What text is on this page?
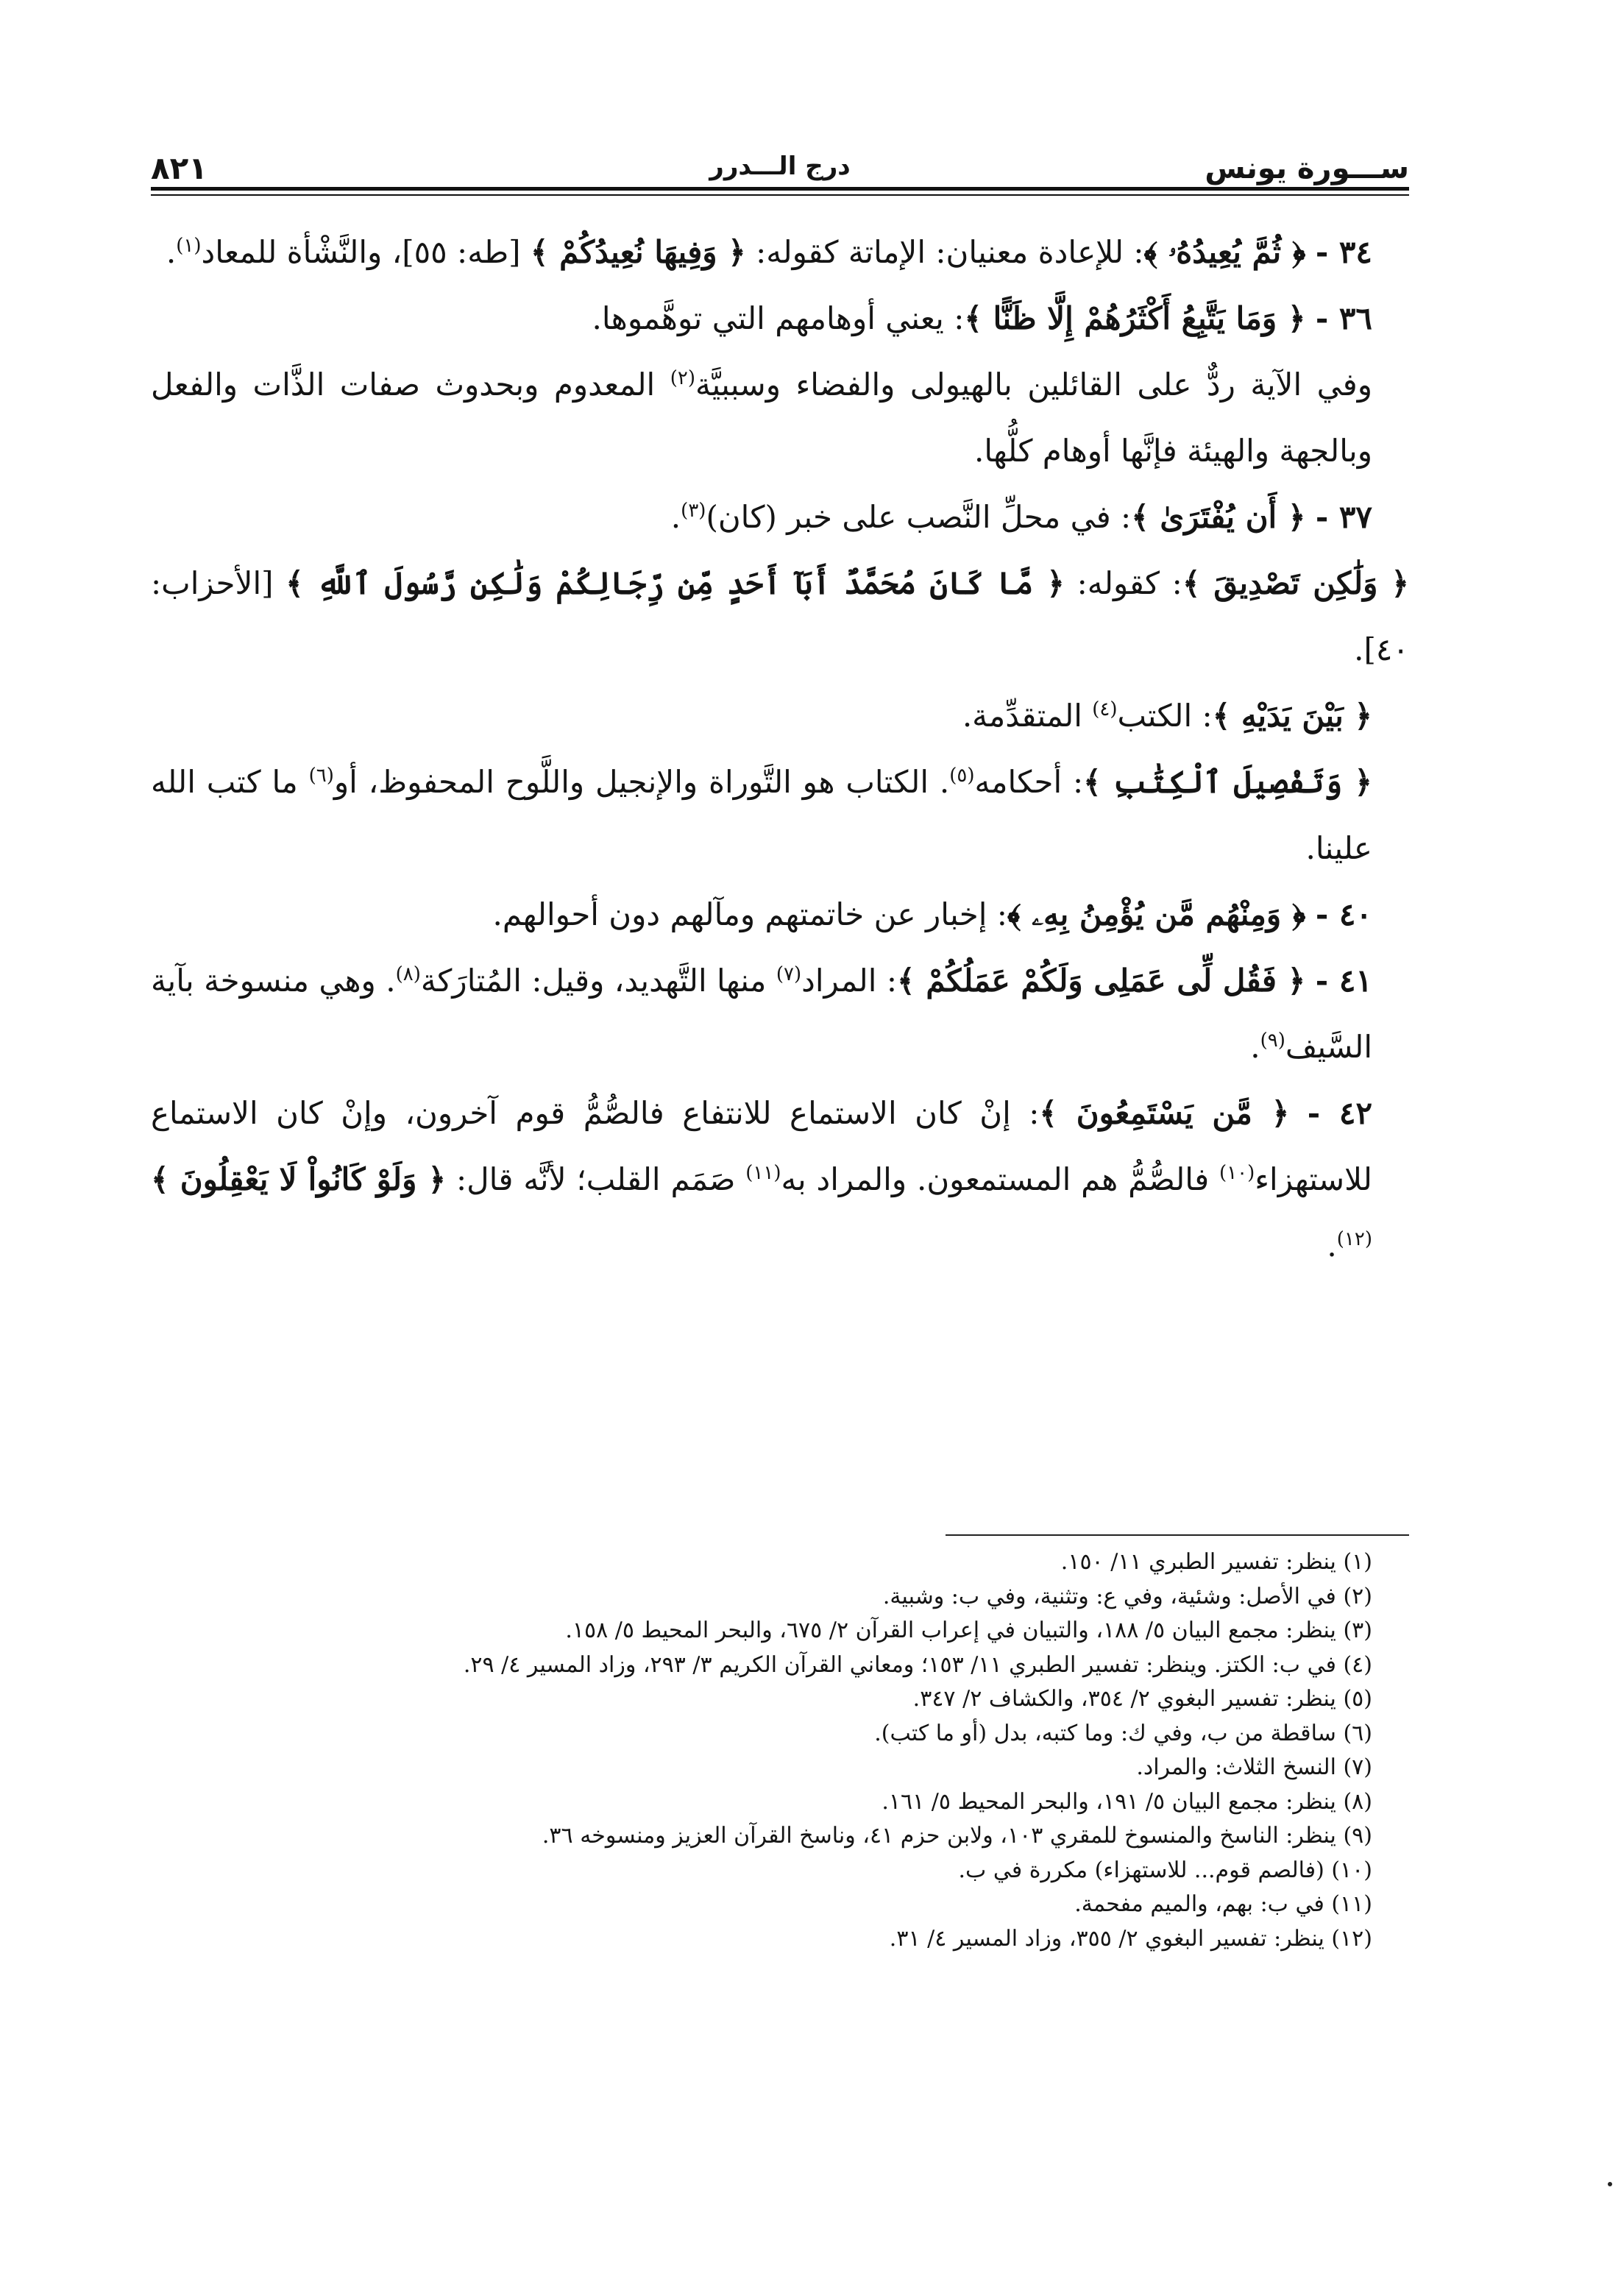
ســـورة يونس
درج الـــدرر
٨٢١

٣٤ - ﴿ ثُمَّ يُعِيدُهُۥ ﴾: للإعادة معنيان: الإماتة كقوله: ﴿ وَفِيهَا نُعِيدُكُمْ ﴾ [طه: ٥٥]، والنَّشْأة للمعاد$^{(١)}$.

٣٦ - ﴿ وَمَا يَتَّبِعُ أَكْثَرُهُمْ إِلَّا ظَنًّا ﴾: يعني أوهامهم التي توهَّموها.

وفي الآية ردٌّ على القائلين بالهيولى والفضاء وسببيَّة$^{(٢)}$ المعدوم وبحدوث صفات الذَّات والفعل وبالجهة والهيئة فإنَّها أوهام كلُّها.

٣٧ - ﴿ أَن يُفْتَرَىٰ ﴾: في محلِّ النَّصب على خبر (كان)$^{(٣)}$.

﴿ وَلَٰكِن تَصْدِيقَ ﴾: كقوله: ﴿ مَّا كَانَ مُحَمَّدٌ أَبَآ أَحَدٍ مِّن رِّجَالِكُمْ وَلَٰكِن رَّسُولَ ٱللَّهِ ﴾ [الأحزاب: ٤٠].

﴿ بَيْنَ يَدَيْهِ ﴾: الكتب$^{(٤)}$ المتقدِّمة.

﴿ وَتَفْصِيلَ ٱلْكِتَٰبِ ﴾: أحكامه$^{(٥)}$. الكتاب هو التَّوراة والإنجيل واللَّوح المحفوظ، أو$^{(٦)}$ ما كتب الله علينا.

٤٠ - ﴿ وَمِنْهُم مَّن يُؤْمِنُ بِهِۦ ﴾: إخبار عن خاتمتهم ومآلهم دون أحوالهم.

٤١ - ﴿ فَقُل لِّى عَمَلِى وَلَكُمْ عَمَلُكُمْ ﴾: المراد$^{(٧)}$ منها التَّهديد، وقيل: المُتارَكة$^{(٨)}$. وهي منسوخة بآية السَّيف$^{(٩)}$.

٤٢ - ﴿ مَّن يَسْتَمِعُونَ ﴾: إنْ كان الاستماع للانتفاع فالصُّمُّ قوم آخرون، وإنْ كان الاستماع للاستهزاء$^{(١٠)}$ فالصُّمُّ هم المستمعون. والمراد به$^{(١١)}$ صَمَم القلب؛ لأنَّه قال: ﴿ وَلَوْ كَانُواْ لَا يَعْقِلُونَ ﴾$^{(١٢)}$.

(١) ينظر: تفسير الطبري ١١/ ١٥٠.

(٢) في الأصل: وشئية، وفي ع: وتثنية، وفي ب: وشبية.

(٣) ينظر: مجمع البيان ٥/ ١٨٨، والتبيان في إعراب القرآن ٢/ ٦٧٥، والبحر المحيط ٥/ ١٥٨.

(٤) في ب: الكتز. وينظر: تفسير الطبري ١١/ ١٥٣؛ ومعاني القرآن الكريم ٣/ ٢٩٣، وزاد المسير ٤/ ٢٩.

(٥) ينظر: تفسير البغوي ٢/ ٣٥٤، والكشاف ٢/ ٣٤٧.

(٦) ساقطة من ب، وفي ك: وما كتبه، بدل (أو ما كتب).

(٧) النسخ الثلاث: والمراد.

(٨) ينظر: مجمع البيان ٥/ ١٩١، والبحر المحيط ٥/ ١٦١.

(٩) ينظر: الناسخ والمنسوخ للمقري ١٠٣، ولابن حزم ٤١، وناسخ القرآن العزيز ومنسوخه ٣٦.

(١٠) (فالصم قوم... للاستهزاء) مكررة في ب.

(١١) في ب: بهم، والميم مفحمة.

(١٢) ينظر: تفسير البغوي ٢/ ٣٥٥، وزاد المسير ٤/ ٣١.
